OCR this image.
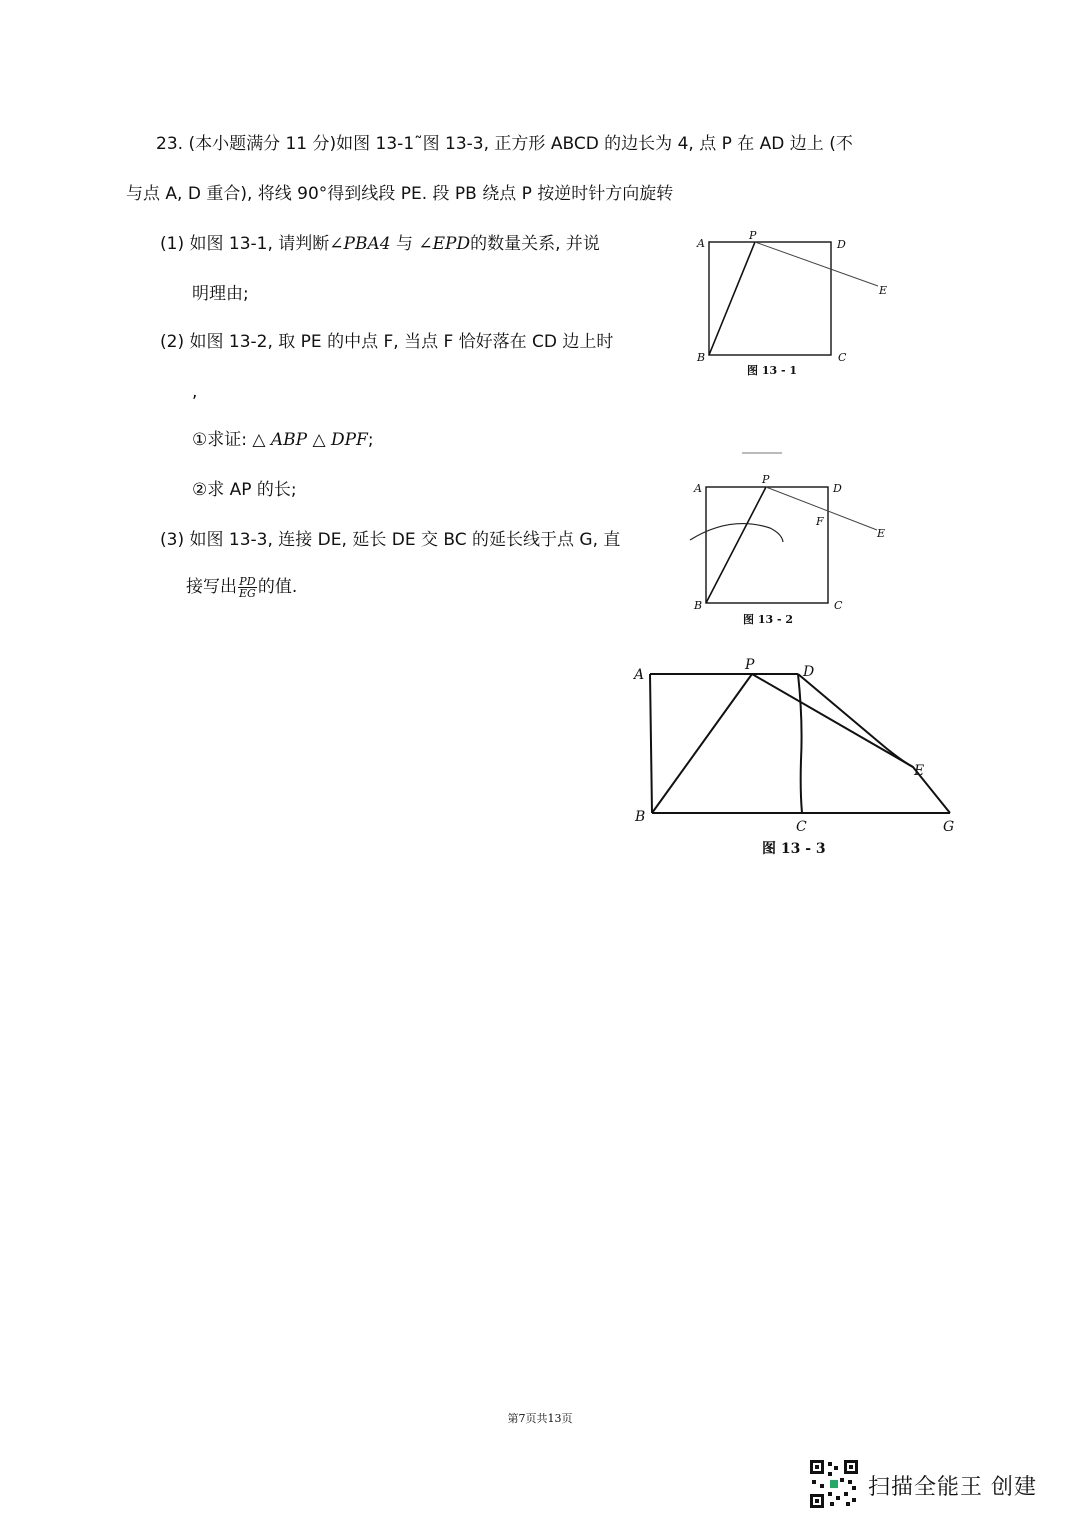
23. (本小题满分 11 分)如图 13-1˜图 13-3, 正方形 ABCD 的边长为 4, 点 P 在 AD 边上 (不
与点 A, D 重合), 将线 90°得到线段 PE. 段 PB 绕点 P 按逆时针方向旋转
(1) 如图 13-1, 请判断∠PBA4 与 ∠EPD的数量关系, 并说
明理由;
(2) 如图 13-2, 取 PE 的中点 F, 当点 F 恰好落在 CD 边上时
,
①求证: △ ABP △ DPF;
②求 AP 的长;
(3) 如图 13-3, 连接 DE, 延长 DE 交 BC 的延长线于点 G, 直
接写出 $\frac{PD}{EG}$ 的值.
A
P
D
E
B	C
图 13 - 1
A
P
D
F
E
B	C
图 13 - 2
A
P	D
E
B
C	G
图 13 - 3
第7页共13页
扫描全能王 创建
